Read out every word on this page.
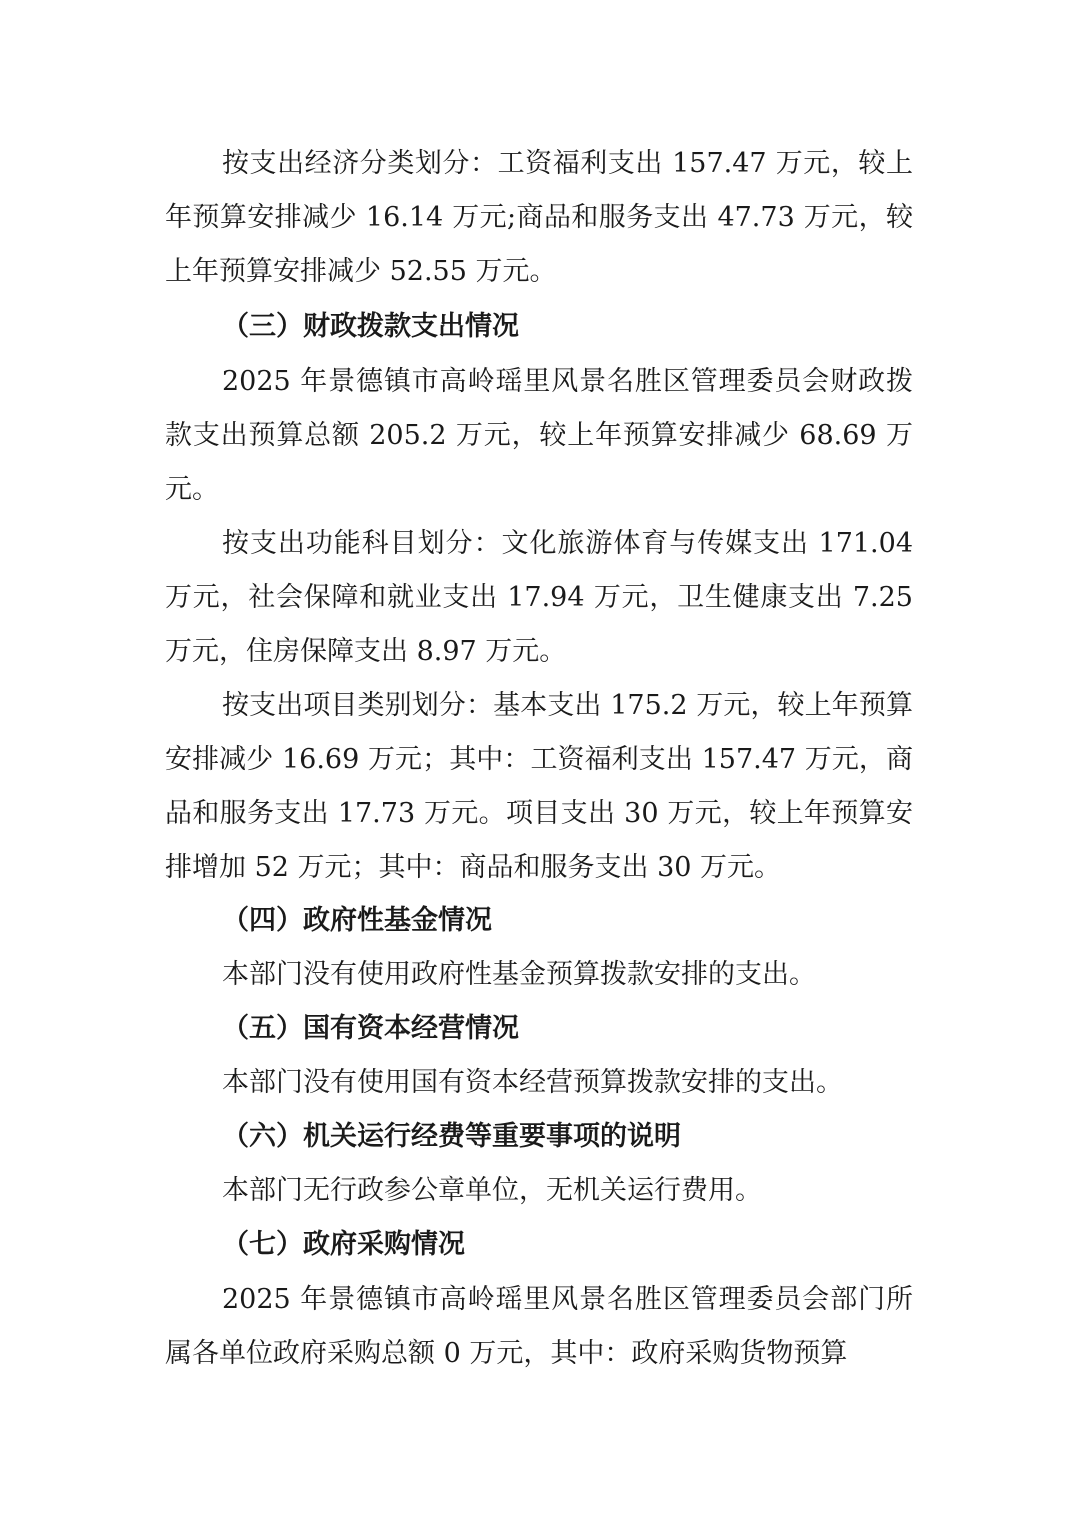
按支出经济分类划分：工资福利支出 157.47 万元，较上年预算安排减少 16.14 万元;商品和服务支出 47.73 万元，较上年预算安排减少 52.55 万元。

（三）财政拨款支出情况

2025 年景德镇市高岭瑶里风景名胜区管理委员会财政拨款支出预算总额 205.2 万元，较上年预算安排减少 68.69 万元。

按支出功能科目划分：文化旅游体育与传媒支出 171.04 万元，社会保障和就业支出 17.94 万元，卫生健康支出 7.25 万元，住房保障支出 8.97 万元。

按支出项目类别划分：基本支出 175.2 万元，较上年预算安排减少 16.69 万元；其中：工资福利支出 157.47 万元，商品和服务支出 17.73 万元。项目支出 30 万元，较上年预算安排增加 52 万元；其中：商品和服务支出 30 万元。

（四）政府性基金情况

本部门没有使用政府性基金预算拨款安排的支出。

（五）国有资本经营情况

本部门没有使用国有资本经营预算拨款安排的支出。

（六）机关运行经费等重要事项的说明

本部门无行政参公章单位，无机关运行费用。

（七）政府采购情况

2025 年景德镇市高岭瑶里风景名胜区管理委员会部门所属各单位政府采购总额 0 万元，其中：政府采购货物预算
